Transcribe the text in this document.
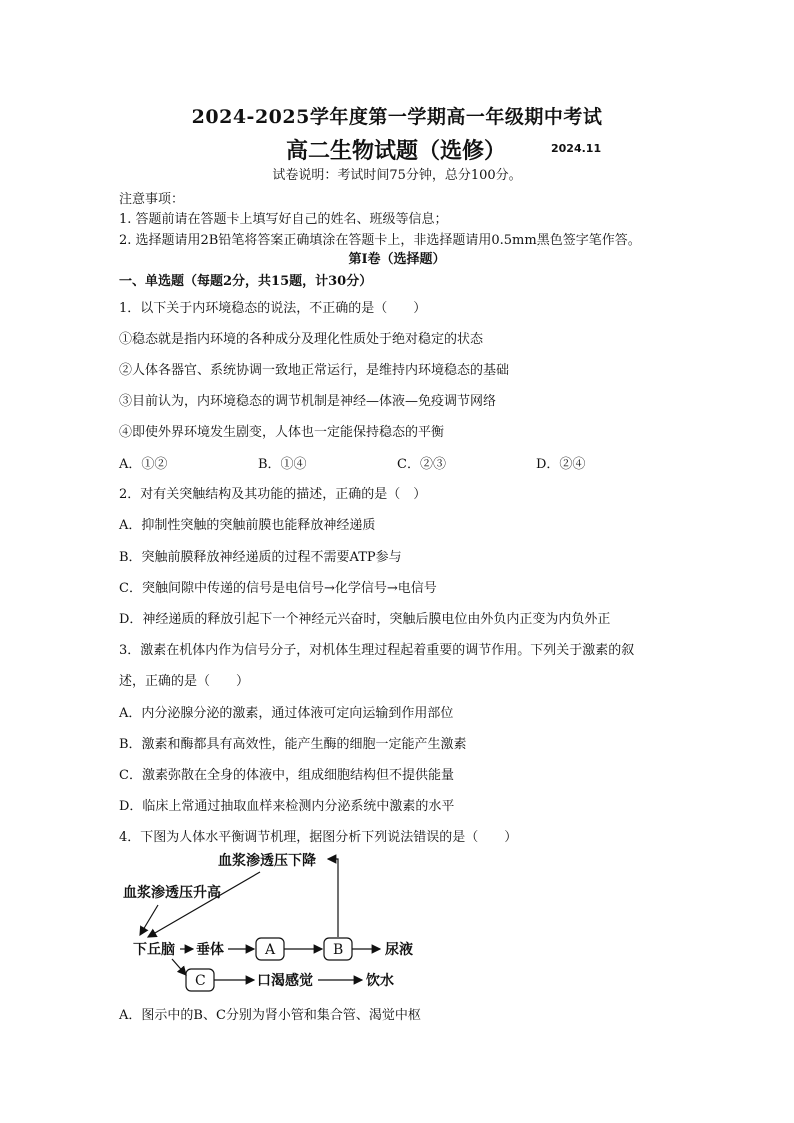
2024-2025学年度第一学期高一年级期中考试
高二生物试题（选修）	2024.11
试卷说明：考试时间75分钟，总分100分。
注意事项：
1. 答题前请在答题卡上填写好自己的姓名、班级等信息；
2. 选择题请用2B铅笔将答案正确填涂在答题卡上，非选择题请用0.5mm黑色签字笔作答。
第Ⅰ卷（选择题）
一、单选题（每题2分，共15题，计30分）
1．以下关于内环境稳态的说法，不正确的是（　　）
①稳态就是指内环境的各种成分及理化性质处于绝对稳定的状态
②人体各器官、系统协调一致地正常运行，是维持内环境稳态的基础
③目前认为，内环境稳态的调节机制是神经—体液—免疫调节网络
④即使外界环境发生剧变，人体也一定能保持稳态的平衡
A．①②	B．①④	C．②③	D．②④
2．对有关突触结构及其功能的描述，正确的是（　）
A．抑制性突触的突触前膜也能释放神经递质
B．突触前膜释放神经递质的过程不需要ATP参与
C．突触间隙中传递的信号是电信号→化学信号→电信号
D．神经递质的释放引起下一个神经元兴奋时，突触后膜电位由外负内正变为内负外正
3．激素在机体内作为信号分子，对机体生理过程起着重要的调节作用。下列关于激素的叙
述，正确的是（　　）
A．内分泌腺分泌的激素，通过体液可定向运输到作用部位
B．激素和酶都具有高效性，能产生酶的细胞一定能产生激素
C．激素弥散在全身的体液中，组成细胞结构但不提供能量
D．临床上常通过抽取血样来检测内分泌系统中激素的水平
4．下图为人体水平衡调节机理，据图分析下列说法错误的是（　　）
血浆渗透压下降
血浆渗透压升高
下丘脑 垂体	A	B	尿液
C	口渴感觉	饮水
A．图示中的B、C分别为肾小管和集合管、渴觉中枢
